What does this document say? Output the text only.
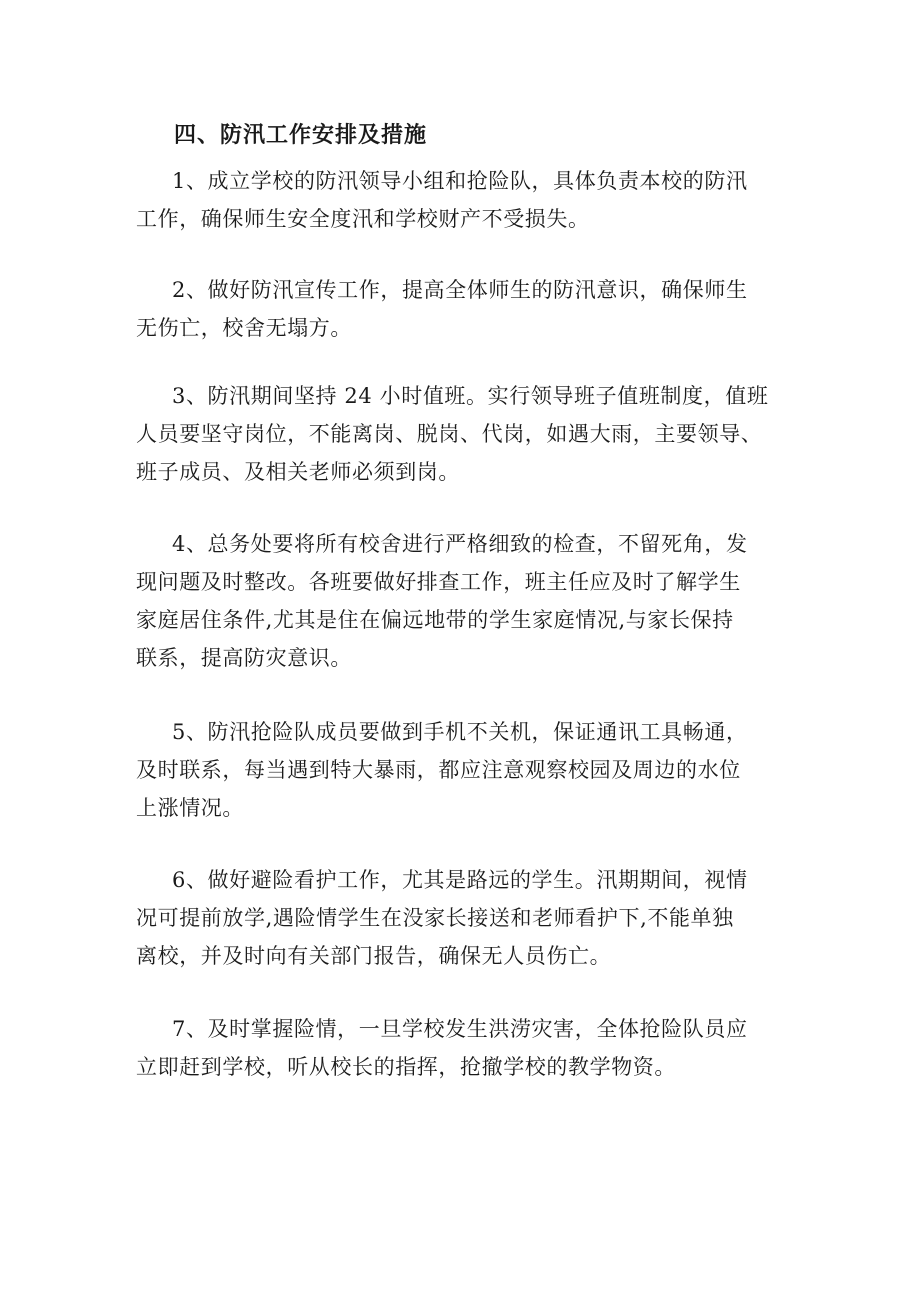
四、防汛工作安排及措施
1、成立学校的防汛领导小组和抢险队，具体负责本校的防汛
工作，确保师生安全度汛和学校财产不受损失。
2、做好防汛宣传工作，提高全体师生的防汛意识，确保师生
无伤亡，校舍无塌方。
3、防汛期间坚持 24 小时值班。实行领导班子值班制度，值班
人员要坚守岗位，不能离岗、脱岗、代岗，如遇大雨，主要领导、
班子成员、及相关老师必须到岗。
4、总务处要将所有校舍进行严格细致的检查，不留死角，发
现问题及时整改。各班要做好排查工作，班主任应及时了解学生
家庭居住条件,尤其是住在偏远地带的学生家庭情况,与家长保持
联系，提高防灾意识。
5、防汛抢险队成员要做到手机不关机，保证通讯工具畅通，
及时联系，每当遇到特大暴雨，都应注意观察校园及周边的水位
上涨情况。
6、做好避险看护工作，尤其是路远的学生。汛期期间，视情
况可提前放学,遇险情学生在没家长接送和老师看护下,不能单独
离校，并及时向有关部门报告，确保无人员伤亡。
7、及时掌握险情，一旦学校发生洪涝灾害，全体抢险队员应
立即赶到学校，听从校长的指挥，抢撤学校的教学物资。
